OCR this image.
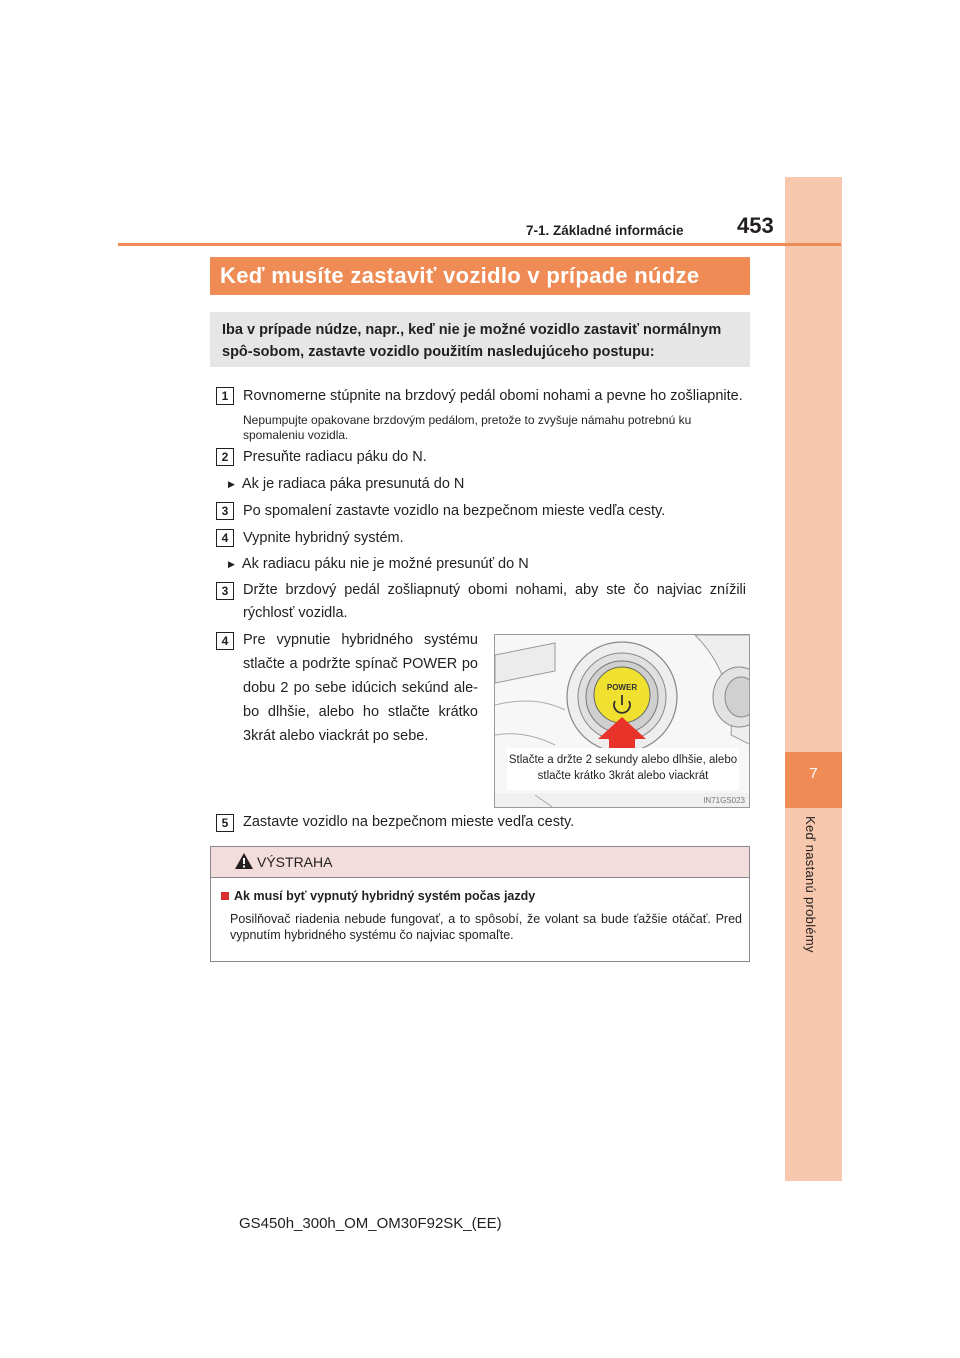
7
Keď nastanú problémy
7-1. Základné informácie 453
Keď musíte zastaviť vozidlo v prípade núdze
Iba v prípade núdze, napr., keď nie je možné vozidlo zastaviť normálnym spô-sobom, zastavte vozidlo použitím nasledujúceho postupu:
1	Rovnomerne stúpnite na brzdový pedál obomi nohami a pevne ho zošliapnite.
Nepumpujte opakovane brzdovým pedálom, pretože to zvyšuje námahu potrebnú ku spomaleniu vozidla.
2	Presuňte radiacu páku do N.
▶ Ak je radiaca páka presunutá do N
3	Po spomalení zastavte vozidlo na bezpečnom mieste vedľa cesty.
4	Vypnite hybridný systém.
▶ Ak radiacu páku nie je možné presunúť do N
3	Držte brzdový pedál zošliapnutý obomi nohami, aby ste čo najviac znížili rýchlosť vozidla.
4	Pre vypnutie hybridného systému stlačte a podržte spínač POWER po dobu 2 po sebe idúcich sekúnd ale-bo dlhšie, alebo ho stlačte krátko 3krát alebo viackrát po sebe.
POWER
Stlačte a držte 2 sekundy alebo dlhšie, alebo stlačte krátko 3krát alebo viackrát
IN71GS023
5	Zastavte vozidlo na bezpečnom mieste vedľa cesty.
VÝSTRAHA
Ak musí byť vypnutý hybridný systém počas jazdy
Posilňovač riadenia nebude fungovať, a to spôsobí, že volant sa bude ťažšie otáčať. Pred vypnutím hybridného systému čo najviac spomaľte.
GS450h_300h_OM_OM30F92SK_(EE)
